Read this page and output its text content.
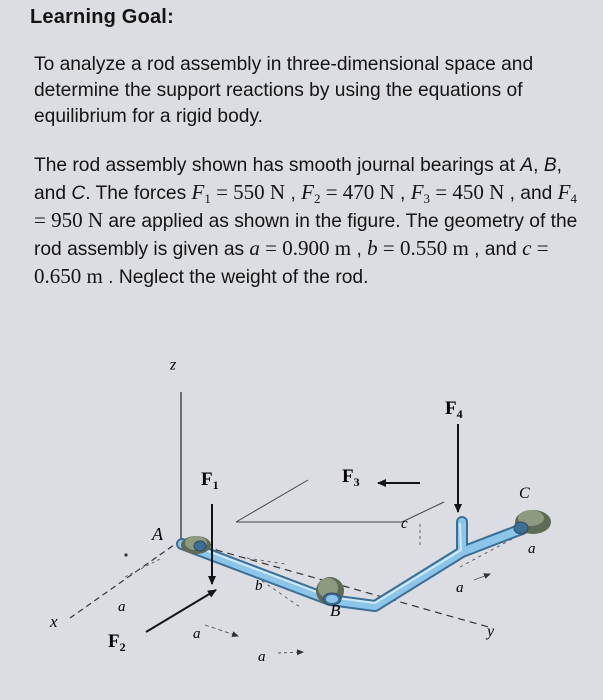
Learning Goal:
To analyze a rod assembly in three-dimensional space and determine the support reactions by using the equations of equilibrium for a rigid body.
The rod assembly shown has smooth journal bearings at A, B, and C. The forces $F_1 = 550$ N , $F_2 = 470$ N , $F_3 = 450$ N , and $F_4 = 950$ N are applied as shown in the figure. The geometry of the rod assembly is given as a = 0.900 m , b = 0.550 m , and c = 0.650 m . Neglect the weight of the rod.
z
x
y
A
B
C
$F_1$
$F_2$
$F_3$
$F_4$
a
a
a
a
a
b
c
